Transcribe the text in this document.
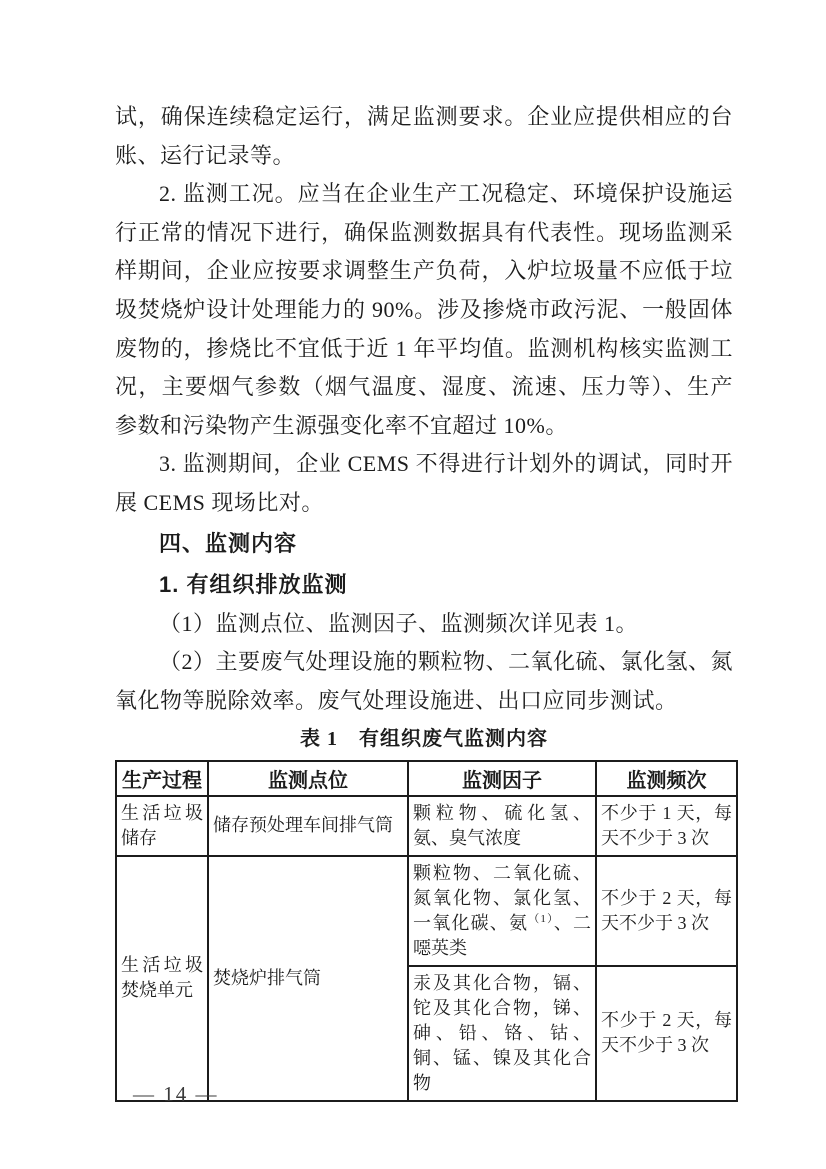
试，确保连续稳定运行，满足监测要求。企业应提供相应的台账、运行记录等。

2. 监测工况。应当在企业生产工况稳定、环境保护设施运行正常的情况下进行，确保监测数据具有代表性。现场监测采样期间，企业应按要求调整生产负荷，入炉垃圾量不应低于垃圾焚烧炉设计处理能力的 90%。涉及掺烧市政污泥、一般固体废物的，掺烧比不宜低于近 1 年平均值。监测机构核实监测工况，主要烟气参数（烟气温度、湿度、流速、压力等）、生产参数和污染物产生源强变化率不宜超过 10%。

3. 监测期间，企业 CEMS 不得进行计划外的调试，同时开展 CEMS 现场比对。

四、监测内容
1. 有组织排放监测

（1）监测点位、监测因子、监测频次详见表 1。

（2）主要废气处理设施的颗粒物、二氧化硫、氯化氢、氮氧化物等脱除效率。废气处理设施进、出口应同步测试。

表 1　有组织废气监测内容
生产过程	监测点位	监测因子	监测频次
生活垃圾储存	储存预处理车间排气筒	颗粒物、硫化氢、氨、臭气浓度	不少于 1 天，每天不少于 3 次
生活垃圾焚烧单元	焚烧炉排气筒	颗粒物、二氧化硫、氮氧化物、氯化氢、一氧化碳、氨$^{(1)}$、二噁英类	不少于 2 天，每天不少于 3 次
		汞及其化合物，镉、铊及其化合物，锑、砷、铅、铬、钴、铜、锰、镍及其化合物	不少于 2 天，每天不少于 3 次
— 14 —
